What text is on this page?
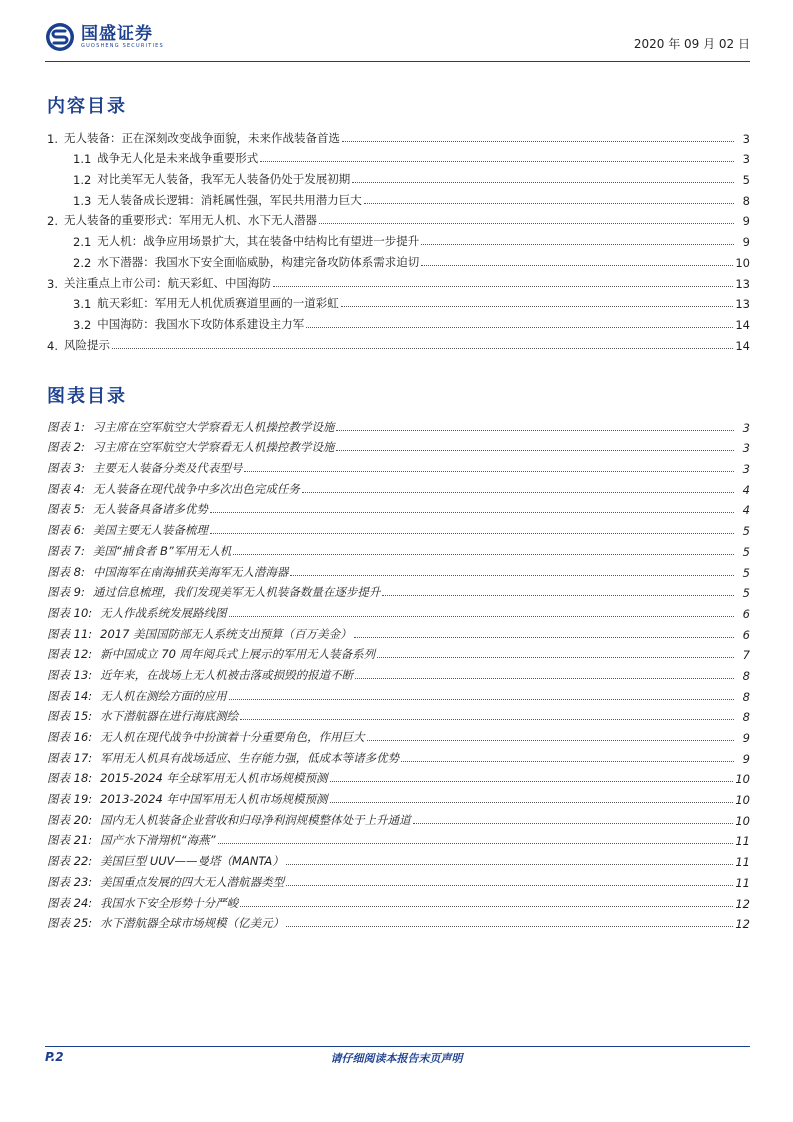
国盛证券
GUOSHENG SECURITIES	2020 年 09 月 02 日
内容目录
1. 无人装备：正在深刻改变战争面貌，未来作战装备首选	3
1.1 战争无人化是未来战争重要形式	3
1.2 对比美军无人装备，我军无人装备仍处于发展初期	5
1.3 无人装备成长逻辑：消耗属性强，军民共用潜力巨大	8
2. 无人装备的重要形式：军用无人机、水下无人潜器	9
2.1 无人机：战争应用场景扩大，其在装备中结构比有望进一步提升	9
2.2 水下潜器：我国水下安全面临威胁，构建完备攻防体系需求迫切	10
3. 关注重点上市公司：航天彩虹、中国海防	13
3.1 航天彩虹：军用无人机优质赛道里画的一道彩虹	13
3.2 中国海防：我国水下攻防体系建设主力军	14
4. 风险提示	14
图表目录
图表 1: 习主席在空军航空大学察看无人机操控教学设施	3
图表 2: 习主席在空军航空大学察看无人机操控教学设施	3
图表 3: 主要无人装备分类及代表型号	3
图表 4: 无人装备在现代战争中多次出色完成任务	4
图表 5: 无人装备具备诸多优势	4
图表 6: 美国主要无人装备梳理	5
图表 7: 美国“捕食者 B”军用无人机	5
图表 8: 中国海军在南海捕获美海军无人潜海器	5
图表 9: 通过信息梳理，我们发现美军无人机装备数量在逐步提升	5
图表 10: 无人作战系统发展路线图	6
图表 11: 2017 美国国防部无人系统支出预算（百万美金）	6
图表 12: 新中国成立 70 周年阅兵式上展示的军用无人装备系列	7
图表 13: 近年来，在战场上无人机被击落或损毁的报道不断	8
图表 14: 无人机在测绘方面的应用	8
图表 15: 水下潜航器在进行海底测绘	8
图表 16: 无人机在现代战争中扮演着十分重要角色，作用巨大	9
图表 17: 军用无人机具有战场适应、生存能力强，低成本等诸多优势	9
图表 18: 2015-2024 年全球军用无人机市场规模预测	10
图表 19: 2013-2024 年中国军用无人机市场规模预测	10
图表 20: 国内无人机装备企业营收和归母净利润规模整体处于上升通道	10
图表 21: 国产水下滑翔机“海燕”	11
图表 22: 美国巨型 UUV——曼塔（MANTA）	11
图表 23: 美国重点发展的四大无人潜航器类型	11
图表 24: 我国水下安全形势十分严峻	12
图表 25: 水下潜航器全球市场规模（亿美元）	12
请仔细阅读本报告末页声明
P.2
